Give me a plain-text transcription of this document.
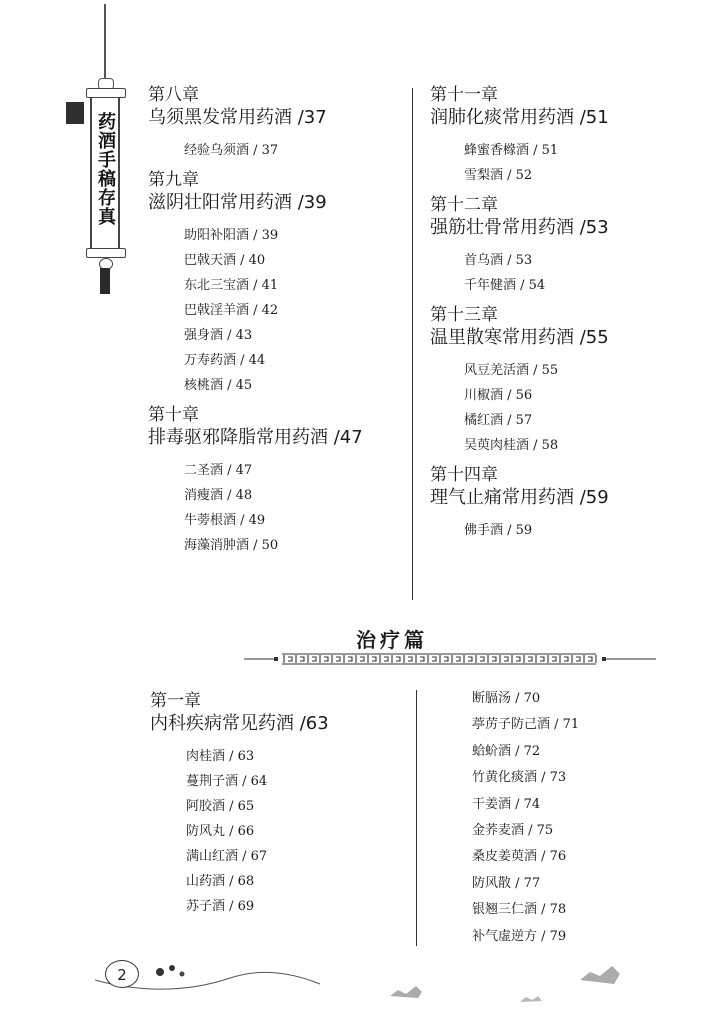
药酒手稿存真
第八章
乌须黑发常用药酒 /37
经验乌须酒 / 37
第九章
滋阴壮阳常用药酒 /39
助阳补阳酒 / 39
巴戟天酒 / 40
东北三宝酒 / 41
巴戟淫羊酒 / 42
强身酒 / 43
万寿药酒 / 44
核桃酒 / 45
第十章
排毒驱邪降脂常用药酒 /47
二圣酒 / 47
消瘦酒 / 48
牛蒡根酒 / 49
海藻消肿酒 / 50
第十一章
润肺化痰常用药酒 /51
蜂蜜香橼酒 / 51
雪梨酒 / 52
第十二章
强筋壮骨常用药酒 /53
首乌酒 / 53
千年健酒 / 54
第十三章
温里散寒常用药酒 /55
风豆羌活酒 / 55
川椒酒 / 56
橘红酒 / 57
吴萸肉桂酒 / 58
第十四章
理气止痛常用药酒 /59
佛手酒 / 59
治疗篇
第一章
内科疾病常见药酒 /63
肉桂酒 / 63
蔓荆子酒 / 64
阿胶酒 / 65
防风丸 / 66
满山红酒 / 67
山药酒 / 68
苏子酒 / 69
断膈汤 / 70
葶苈子防己酒 / 71
蛤蚧酒 / 72
竹黄化痰酒 / 73
干姜酒 / 74
金荞麦酒 / 75
桑皮姜萸酒 / 76
防风散 / 77
银翘三仁酒 / 78
补气虚逆方 / 79
2
